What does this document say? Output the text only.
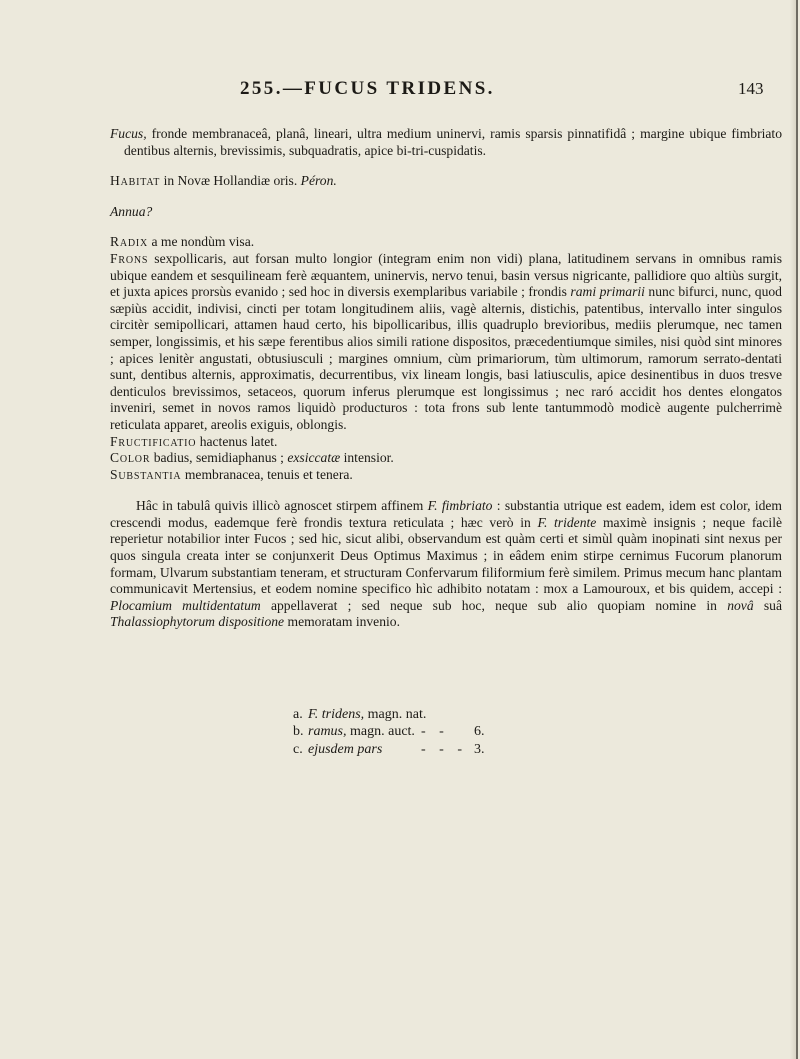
255.—FUCUS TRIDENS.	143

Fucus, fronde membranaceâ, planâ, lineari, ultra medium uninervi, ramis sparsis pinnatifidâ ; margine ubique fimbriato dentibus alternis, brevissimis, subquadratis, apice bi-tri-cuspidatis.

Habitat in Novæ Hollandiæ oris. Péron.

Annua?

Radix a me nondùm visa.

Frons sexpollicaris, aut forsan multo longior (integram enim non vidi) plana, latitudinem servans in omnibus ramis ubique eandem et sesquilineam ferè æquantem, uninervis, nervo tenui, basin versus nigricante, pallidiore quo altiùs surgit, et juxta apices prorsùs evanido ; sed hoc in diversis exemplaribus variabile ; frondis rami primarii nunc bifurci, nunc, quod sæpiùs accidit, indivisi, cincti per totam longitudinem aliis, vagè alternis, distichis, patentibus, intervallo inter singulos circitèr semipollicari, attamen haud certo, his bipollicaribus, illis quadruplo brevioribus, mediis plerumque, nec tamen semper, longissimis, et his sæpe ferentibus alios simili ratione dispositos, præcedentiumque similes, nisi quòd sint minores ; apices lenitèr angustati, obtusiusculi ; margines omnium, cùm primariorum, tùm ultimorum, ramorum serrato-dentati sunt, dentibus alternis, approximatis, decurrentibus, vix lineam longis, basi latiusculis, apice desinentibus in duos tresve denticulos brevissimos, setaceos, quorum inferus plerumque est longissimus ; nec raró accidit hos dentes elongatos inveniri, semet in novos ramos liquidò producturos : tota frons sub lente tantummodò modicè augente pulcherrimè reticulata apparet, areolis exiguis, oblongis.

Fructificatio hactenus latet.

Color badius, semidiaphanus ; exsiccatæ intensior.

Substantia membranacea, tenuis et tenera.

Hâc in tabulâ quivis illicò agnoscet stirpem affinem F. fimbriato : substantia utrique est eadem, idem est color, idem crescendi modus, eademque ferè frondis textura reticulata ; hæc verò in F. tridente maximè insignis ; neque facilè reperietur notabilior inter Fucos ; sed hic, sicut alibi, observandum est quàm certi et simùl quàm inopinati sint nexus per quos singula creata inter se conjunxerit Deus Optimus Maximus ; in eâdem enim stirpe cernimus Fucorum planorum formam, Ulvarum substantiam teneram, et structuram Confervarum filiformium ferè similem. Primus mecum hanc plantam communicavit Mertensius, et eodem nomine specifico hìc adhibito notatam : mox a Lamouroux, et bis quidem, accepi : Plocamium multidentatum appellaverat ; sed neque sub hoc, neque sub alio quopiam nomine in novâ suâ Thalassiophytorum dispositione memoratam invenio.

a. F. tridens, magn. nat.
b. ramus, magn. auct. - - 6.
c. ejusdem pars	- - - 3.
